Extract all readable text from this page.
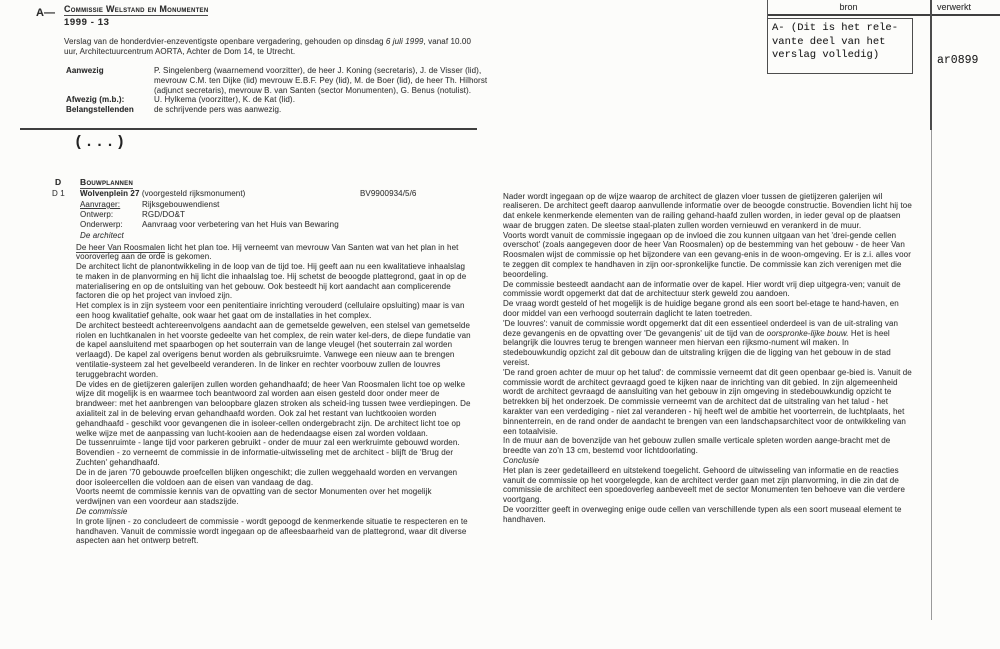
A— Commissie Welstand en Monumenten
1999 - 13
Verslag van de honderdvier-enzeventigste openbare vergadering, gehouden op dinsdag 6 juli 1999, vanaf 10.00 uur, Architectuurcentrum AORTA, Achter de Dom 14, te Utrecht.
Aanwezig	P. Singelenberg (waarnemend voorzitter), de heer J. Koning (secretaris), J. de Visser (lid), mevrouw C.M. ten Dijke (lid) mevrouw E.B.F. Pey (lid), M. de Boer (lid), de heer Th. Hilhorst (adjunct secretaris), mevrouw B. van Santen (sector Monumenten), G. Benus (notulist).
Afwezig (m.b.):	U. Hylkema (voorzitter), K. de Kat (lid).
Belangstellenden	de schrijvende pers was aanwezig.
(...)
bron	verwerkt
A- (Dit is het rele-
vante deel van het
verslag volledig)	ar0899
D Bouwplannen
D 1 Wolvenplein 27 (voorgesteld rijksmonument)	BV9900934/5/6
Aanvrager:	Rijksgebouwendienst
Ontwerp:	RGD/DO&T
Onderwerp:	Aanvraag voor verbetering van het Huis van Bewaring
De architect

De heer Van Roosmalen licht het plan toe. Hij verneemt van mevrouw Van Santen wat van het plan in het vooroverleg aan de orde is gekomen.

De architect licht de planontwikkeling in de loop van de tijd toe. Hij geeft aan nu een kwalitatieve inhaalslag te maken in de planvorming en hij licht die inhaalslag toe. Hij schetst de beoogde plattegrond, gaat in op de materialisering en op de ontsluiting van het gebouw. Ook besteedt hij kort aandacht aan complicerende factoren die op het project van invloed zijn.

Het complex is in zijn systeem voor een penitentiaire inrichting verouderd (cellulaire opsluiting) maar is van een hoog kwalitatief gehalte, ook waar het gaat om de installaties in het complex.

De architect besteedt achtereenvolgens aandacht aan de gemetselde gewelven, een stelsel van gemetselde riolen en luchtkanalen in het voorste gedeelte van het complex, de rein water kel-ders, de diepe fundatie van de kapel aansluitend met spaarbogen op het souterrain van de lange vleugel (het souterrain zal worden verlaagd). De kapel zal overigens benut worden als gebruiksruimte. Vanwege een nieuw aan te brengen ventilatie-systeem zal het gevelbeeld veranderen. In de linker en rechter voorbouw zullen de louvres teruggebracht worden.

De vides en de gietijzeren galerijen zullen worden gehandhaafd; de heer Van Roosmalen licht toe op welke wijze dit mogelijk is en waarmee toch beantwoord zal worden aan eisen gesteld door onder meer de brandweer: met het aanbrengen van beloopbare glazen stroken als scheid-ing tussen twee verdiepingen. De axialiteit zal in de beleving ervan gehandhaafd worden. Ook zal het restant van luchtkooien worden gehandhaafd - geschikt voor gevangenen die in isoleer-cellen ondergebracht zijn. De architect licht toe op welke wijze met de aanpassing van lucht-kooien aan de hedendaagse eisen zal worden voldaan.

De tussenruimte - lange tijd voor parkeren gebruikt - onder de muur zal een werkruimte gebouwd worden. Bovendien - zo verneemt de commissie in de informatie-uitwisseling met de architect - blijft de 'Brug der Zuchten' gehandhaafd.

De in de jaren '70 gebouwde proefcellen blijken ongeschikt; die zullen weggehaald worden en vervangen door isoleercellen die voldoen aan de eisen van vandaag de dag.

Voorts neemt de commissie kennis van de opvatting van de sector Monumenten over het mogelijk verdwijnen van een voordeur aan stadszijde.

De commissie

In grote lijnen - zo concludeert de commissie - wordt gepoogd de kenmerkende situatie te respecteren en te handhaven. Vanuit de commissie wordt ingegaan op de afleesbaarheid van de plattegrond, waar dit diverse aspecten aan het ontwerp betreft.

Nader wordt ingegaan op de wijze waarop de architect de glazen vloer tussen de gietijzeren galerijen wil realiseren. De architect geeft daarop aanvullende informatie over de beoogde constructie. Bovendien licht hij toe dat enkele kenmerkende elementen van de railing gehand-haafd zullen worden, in ieder geval op de plaatsen waar de bruggen zaten. De sleetse staal-platen zullen worden vernieuwd en verankerd in de muur.

Voorts wordt vanuit de commissie ingegaan op de invloed die zou kunnen uitgaan van het 'drei-gende cellen overschot' (zoals aangegeven door de heer Van Roosmalen) op de bestemming van het gebouw - de heer Van Roosmalen wijst de commissie op het bijzondere van een gevang-enis in de woon-omgeving. Er is z.i. alles voor te zeggen dit complex te handhaven in zijn oor-spronkelijke functie. De commissie kan zich verenigen met die beoordeling.

De commissie besteedt aandacht aan de informatie over de kapel. Hier wordt vrij diep uitgegra-ven; vanuit de commissie wordt opgemerkt dat dat de architectuur sterk geweld zou aandoen.

De vraag wordt gesteld of het mogelijk is de huidige begane grond als een soort bel-etage te hand-haven, en door middel van een verhoogd souterrain daglicht te laten toetreden.

'De louvres': vanuit de commissie wordt opgemerkt dat dit een essentieel onderdeel is van de uit-straling van deze gevangenis en de opvatting over 'De gevangenis' uit de tijd van de oorspronke-lijke bouw. Het is heel belangrijk die louvres terug te brengen wanneer men hiervan een rijksmo-nument wil maken. In stedebouwkundig opzicht zal dit gebouw dan de uitstraling krijgen die de ligging van het gebouw in de stad vereist.

'De rand groen achter de muur op het talud': de commissie verneemt dat dit geen openbaar ge-bied is. Vanuit de commissie wordt de architect gevraagd goed te kijken naar de inrichting van dit gebied. In zijn algemeenheid wordt de architect gevraagd de aansluiting van het gebouw in zijn omgeving in stedebouwkundig opzicht te betrekken bij het onderzoek. De commissie verneemt van de architect dat de uitstraling van het talud - het karakter van een verdediging - niet zal veranderen - hij heeft wel de ambitie het voorterrein, de luchtplaats, het binnenterrein, en de rand onder de aandacht te brengen van een landschapsarchitect voor de ontwikkeling van een totaalvisie.

In de muur aan de bovenzijde van het gebouw zullen smalle verticale spleten worden aange-bracht met de breedte van zo'n 13 cm, bestemd voor lichtdoorlating.

Conclusie

Het plan is zeer gedetailleerd en uitstekend toegelicht. Gehoord de uitwisseling van informatie en de reacties vanuit de commissie op het voorgelegde, kan de architect verder gaan met zijn planvorming, in die zin dat de commissie de architect een spoedoverleg aanbeveelt met de sector Monumenten ten behoeve van die verdere voortgang.

De voorzitter geeft in overweging enige oude cellen van verschillende typen als een soort museaal element te handhaven.
